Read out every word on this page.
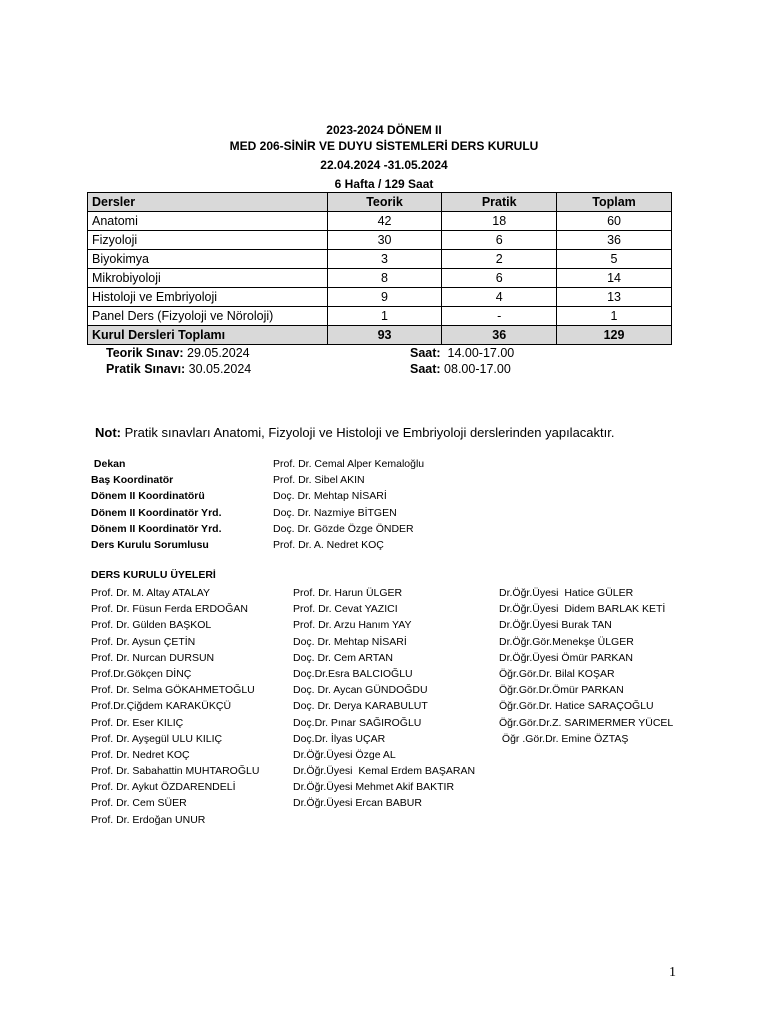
2023-2024 DÖNEM II
MED 206-SİNİR VE DUYU SİSTEMLERİ DERS KURULU
22.04.2024 -31.05.2024
6 Hafta / 129 Saat
Dersler	Teorik	Pratik	Toplam
Anatomi	42	18	60
Fizyoloji	30	6	36
Biyokimya	3	2	5
Mikrobiyoloji	8	6	14
Histoloji ve Embriyoloji	9	4	13
Panel Ders (Fizyoloji ve Nöroloji)	1	-	1
Kurul Dersleri Toplamı	93	36	129
Teorik Sınav: 29.05.2024	Saat:  14.00-17.00
Pratik Sınavı: 30.05.2024	Saat: 08.00-17.00
Not: Pratik sınavları Anatomi, Fizyoloji ve Histoloji ve Embriyoloji derslerinden yapılacaktır.
Dekan	Prof. Dr. Cemal Alper Kemaloğlu
Baş Koordinatör	Prof. Dr. Sibel AKIN
Dönem II Koordinatörü	Doç. Dr. Mehtap NİSARİ
Dönem II Koordinatör Yrd.	Doç. Dr. Nazmiye BİTGEN
Dönem II Koordinatör Yrd.	Doç. Dr. Gözde Özge ÖNDER
Ders Kurulu Sorumlusu	Prof. Dr. A. Nedret KOÇ
DERS KURULU ÜYELERİ
Prof. Dr. M. Altay ATALAY
Prof. Dr. Füsun Ferda ERDOĞAN
Prof. Dr. Gülden BAŞKOL
Prof. Dr. Aysun ÇETİN
Prof. Dr. Nurcan DURSUN
Prof.Dr.Gökçen DİNÇ
Prof. Dr. Selma GÖKAHMETOĞLU
Prof.Dr.Çiğdem KARAKÜKÇÜ
Prof. Dr. Eser KILIÇ
Prof. Dr. Ayşegül ULU KILIÇ
Prof. Dr. Nedret KOÇ
Prof. Dr. Sabahattin MUHTAROĞLU
Prof. Dr. Aykut ÖZDARENDELİ
Prof. Dr. Cem SÜER
Prof. Dr. Erdoğan UNUR
Prof. Dr. Harun ÜLGER
Prof. Dr. Cevat YAZICI
Prof. Dr. Arzu Hanım YAY
Doç. Dr. Mehtap NİSARİ
Doç. Dr. Cem ARTAN
Doç.Dr.Esra BALCIOĞLU
Doç. Dr. Aycan GÜNDOĞDU
Doç. Dr. Derya KARABULUT
Doç.Dr. Pınar SAĞIROĞLU
Doç.Dr. İlyas UÇAR
Dr.Öğr.Üyesi Özge AL
Dr.Öğr.Üyesi  Kemal Erdem BAŞARAN
Dr.Öğr.Üyesi Mehmet Akif BAKTIR
Dr.Öğr.Üyesi Ercan BABUR
Dr.Öğr.Üyesi  Hatice GÜLER
Dr.Öğr.Üyesi  Didem BARLAK KETİ
Dr.Öğr.Üyesi Burak TAN
Dr.Öğr.Gör.Menekşe ÜLGER
Dr.Öğr.Üyesi Ömür PARKAN
Öğr.Gör.Dr. Bilal KOŞAR
Öğr.Gör.Dr.Ömür PARKAN
Öğr.Gör.Dr. Hatice SARAÇOĞLU
Öğr.Gör.Dr.Z. SARIMERMER YÜCEL
Öğr .Gör.Dr. Emine ÖZTAŞ
1
